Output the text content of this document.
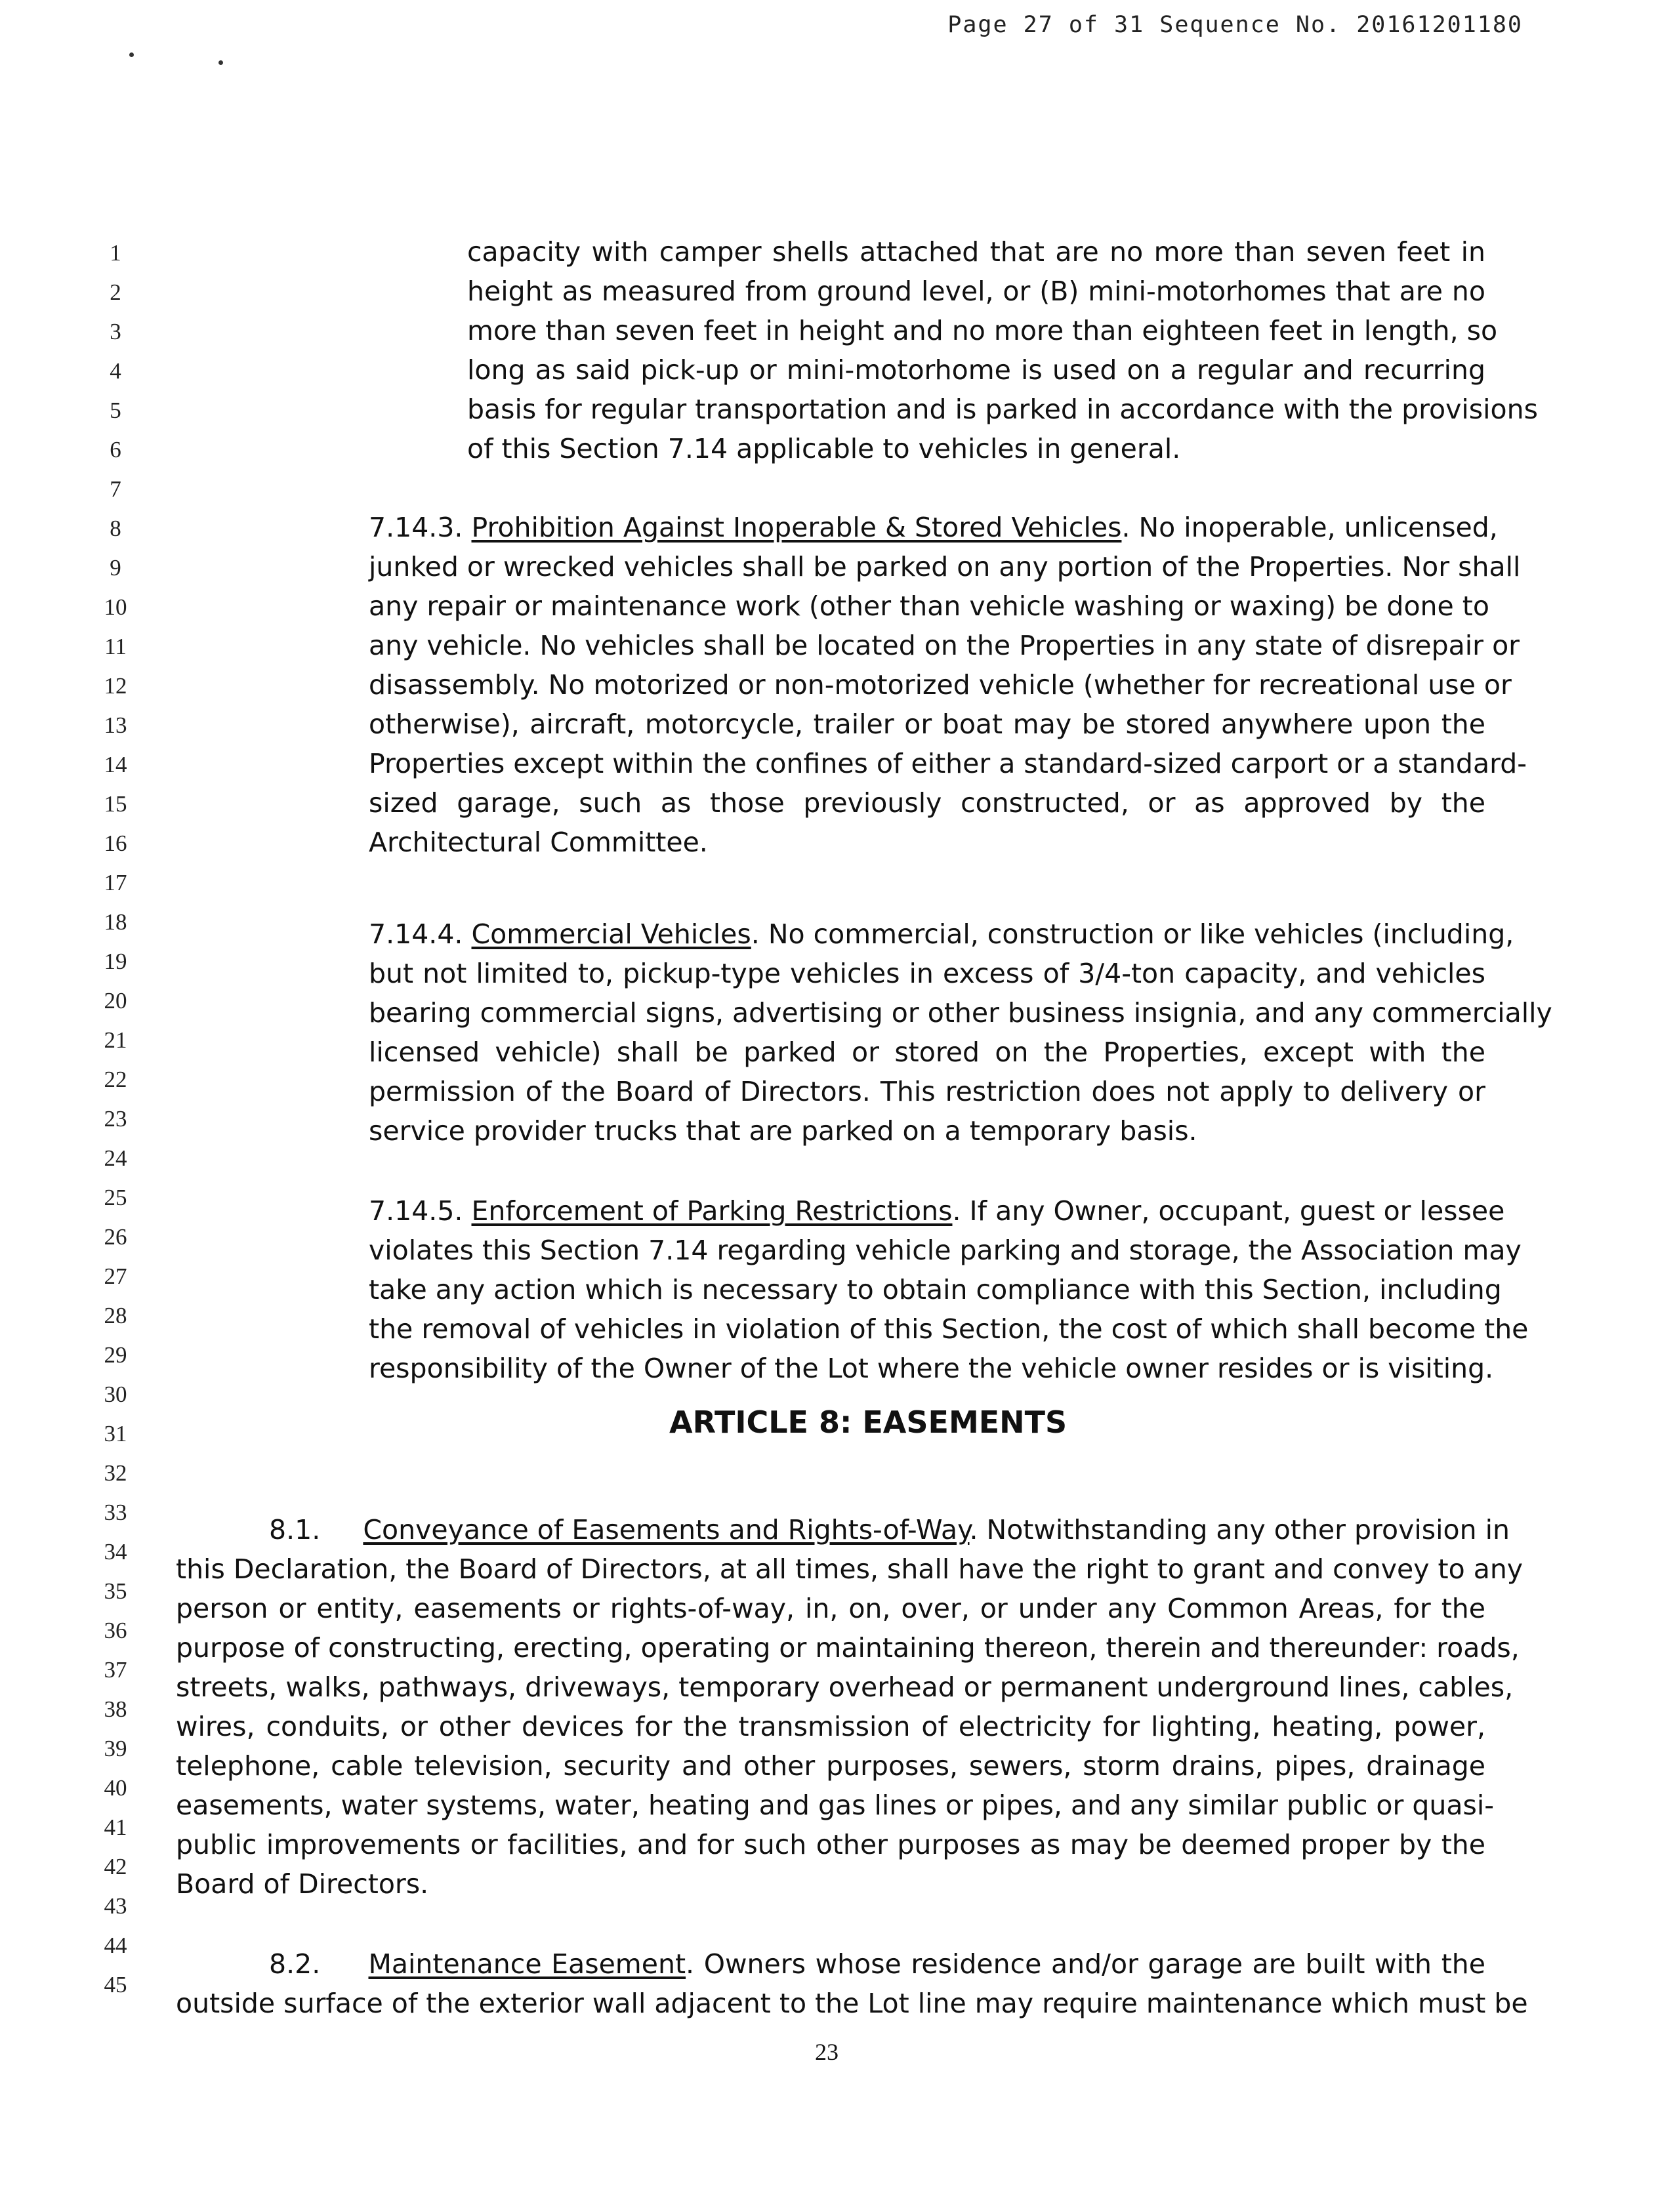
Page 27 of 31 Sequence No. 20161201180
1
2
3
4
5
6
7
8
9
10
11
12
13
14
15
16
17
18
19
20
21
22
23
24
25
26
27
28
29
30
31
32
33
34
35
36
37
38
39
40
41
42
43
44
45
capacity with camper shells attached that are no more than seven feet in
height as measured from ground level, or (B) mini-motorhomes that are no
more than seven feet in height and no more than eighteen feet in length, so
long as said pick-up or mini-motorhome is used on a regular and recurring
basis for regular transportation and is parked in accordance with the provisions
of this Section 7.14 applicable to vehicles in general.
7.14.3. Prohibition Against Inoperable & Stored Vehicles. No inoperable, unlicensed,
junked or wrecked vehicles shall be parked on any portion of the Properties. Nor shall
any repair or maintenance work (other than vehicle washing or waxing) be done to
any vehicle. No vehicles shall be located on the Properties in any state of disrepair or
disassembly. No motorized or non-motorized vehicle (whether for recreational use or
otherwise), aircraft, motorcycle, trailer or boat may be stored anywhere upon the
Properties except within the confines of either a standard-sized carport or a standard-
sized garage, such as those previously constructed, or as approved by the
Architectural Committee.
7.14.4. Commercial Vehicles. No commercial, construction or like vehicles (including,
but not limited to, pickup-type vehicles in excess of 3/4-ton capacity, and vehicles
bearing commercial signs, advertising or other business insignia, and any commercially
licensed vehicle) shall be parked or stored on the Properties, except with the
permission of the Board of Directors. This restriction does not apply to delivery or
service provider trucks that are parked on a temporary basis.
7.14.5. Enforcement of Parking Restrictions. If any Owner, occupant, guest or lessee
violates this Section 7.14 regarding vehicle parking and storage, the Association may
take any action which is necessary to obtain compliance with this Section, including
the removal of vehicles in violation of this Section, the cost of which shall become the
responsibility of the Owner of the Lot where the vehicle owner resides or is visiting.
ARTICLE 8: EASEMENTS
8.1. Conveyance of Easements and Rights-of-Way. Notwithstanding any other provision in
this Declaration, the Board of Directors, at all times, shall have the right to grant and convey to any
person or entity, easements or rights-of-way, in, on, over, or under any Common Areas, for the
purpose of constructing, erecting, operating or maintaining thereon, therein and thereunder: roads,
streets, walks, pathways, driveways, temporary overhead or permanent underground lines, cables,
wires, conduits, or other devices for the transmission of electricity for lighting, heating, power,
telephone, cable television, security and other purposes, sewers, storm drains, pipes, drainage
easements, water systems, water, heating and gas lines or pipes, and any similar public or quasi-
public improvements or facilities, and for such other purposes as may be deemed proper by the
Board of Directors.
8.2. Maintenance Easement. Owners whose residence and/or garage are built with the
outside surface of the exterior wall adjacent to the Lot line may require maintenance which must be
23
